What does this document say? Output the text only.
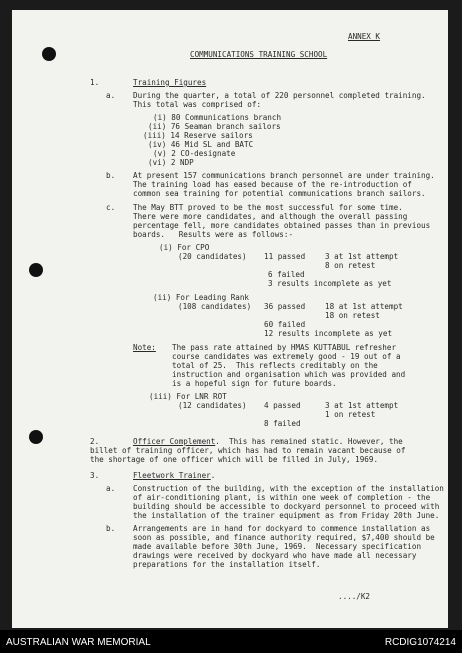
ANNEX K
COMMUNICATIONS TRAINING SCHOOL
1.	Training Figures
a. During the quarter, a total of 220 personnel completed training.
This total was comprised of:
(i) 80 Communications branch
(ii) 76 Seaman branch sailors
(iii) 14 Reserve sailors
(iv) 46 Mid SL and BATC
(v) 2 CO-designate
(vi) 2 NDP
b. At present 157 communications branch personnel are under training.
The training load has eased because of the re-introduction of
common sea training for potential communications branch sailors.
c. The May BTT proved to be the most successful for some time.
There were more candidates, and although the overall passing
percentage fell, more candidates obtained passes than in previous
boards.   Results were as follows:-
(i) For CPO
(20 candidates) 11 passed	3 at 1st attempt
8 on retest
6 failed
3 results incomplete as yet
(ii) For Leading Rank
(108 candidates) 36 passed	18 at 1st attempt
18 on retest
60 failed
12 results incomplete as yet
Note: The pass rate attained by HMAS KUTTABUL refresher
course candidates was extremely good - 19 out of a
total of 25.  This reflects creditably on the
instruction and organisation which was provided and
is a hopeful sign for future boards.
(iii) For LNR ROT
(12 candidates) 4 passed	3 at 1st attempt
1 on retest
8 failed
2.	Officer Complement.  This has remained static. However, the
billet of training officer, which has had to remain vacant because of
the shortage of one officer which will be filled in July, 1969.
3.	Fleetwork Trainer.
a. Construction of the building, with the exception of the installation
of air-conditioning plant, is within one week of completion - the
building should be accessible to dockyard personnel to proceed with
the installation of the trainer equipment as from Friday 20th June.
b. Arrangements are in hand for dockyard to commence installation as
soon as possible, and finance authority required, $7,400 should be
made available before 30th June, 1969.  Necessary specification
drawings were received by dockyard who have made all necessary
preparations for the installation itself.
..../K2
AUSTRALIAN WAR MEMORIAL	RCDIG1074214
